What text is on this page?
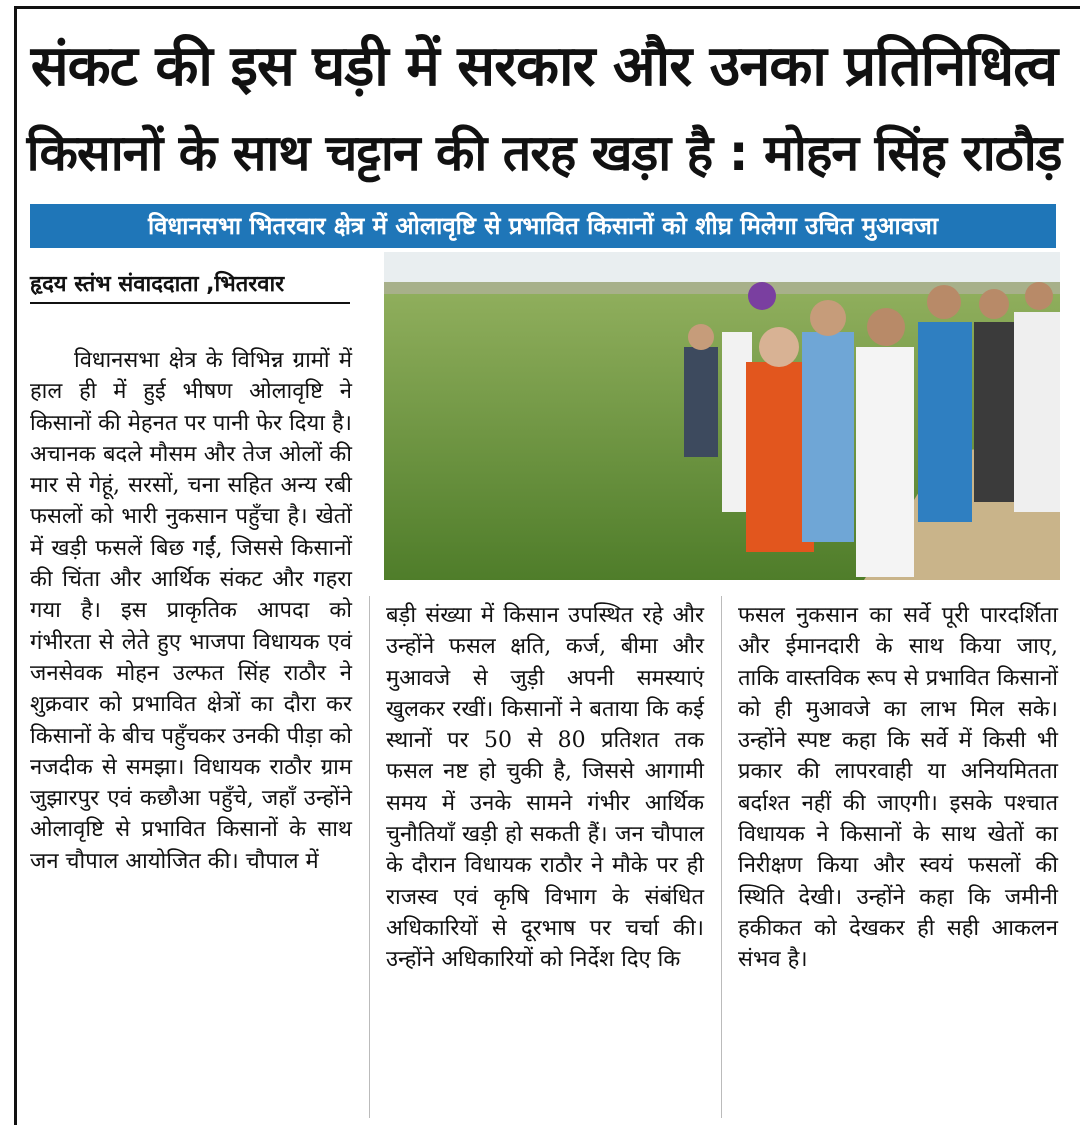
संकट की इस घड़ी में सरकार और उनका प्रतिनिधित्व
किसानों के साथ चट्टान की तरह खड़ा है : मोहन सिंह राठौड़
विधानसभा भितरवार क्षेत्र में ओलावृष्टि से प्रभावित किसानों को शीघ्र मिलेगा उचित मुआवजा
हृदय स्तंभ संवाददाता ,भितरवार

विधानसभा क्षेत्र के विभिन्न ग्रामों में हाल ही में हुई भीषण ओलावृष्टि ने किसानों की मेहनत पर पानी फेर दिया है। अचानक बदले मौसम और तेज ओलों की मार से गेहूं, सरसों, चना सहित अन्य रबी फसलों को भारी नुकसान पहुँचा है। खेतों में खड़ी फसलें बिछ गईं, जिससे किसानों की चिंता और आर्थिक संकट और गहरा गया है। इस प्राकृतिक आपदा को गंभीरता से लेते हुए भाजपा विधायक एवं जनसेवक मोहन उल्फत सिंह राठौर ने शुक्रवार को प्रभावित क्षेत्रों का दौरा कर किसानों के बीच पहुँचकर उनकी पीड़ा को नजदीक से समझा। विधायक राठौर ग्राम जुझारपुर एवं कछौआ पहुँचे, जहाँ उन्होंने ओलावृष्टि से प्रभावित किसानों के साथ जन चौपाल आयोजित की। चौपाल में

बड़ी संख्या में किसान उपस्थित रहे और उन्होंने फसल क्षति, कर्ज, बीमा और मुआवजे से जुड़ी अपनी समस्याएं खुलकर रखीं। किसानों ने बताया कि कई स्थानों पर 50 से 80 प्रतिशत तक फसल नष्ट हो चुकी है, जिससे आगामी समय में उनके सामने गंभीर आर्थिक चुनौतियाँ खड़ी हो सकती हैं। जन चौपाल के दौरान विधायक राठौर ने मौके पर ही राजस्व एवं कृषि विभाग के संबंधित अधिकारियों से दूरभाष पर चर्चा की। उन्होंने अधिकारियों को निर्देश दिए कि

फसल नुकसान का सर्वे पूरी पारदर्शिता और ईमानदारी के साथ किया जाए, ताकि वास्तविक रूप से प्रभावित किसानों को ही मुआवजे का लाभ मिल सके। उन्होंने स्पष्ट कहा कि सर्वे में किसी भी प्रकार की लापरवाही या अनियमितता बर्दाश्त नहीं की जाएगी। इसके पश्चात विधायक ने किसानों के साथ खेतों का निरीक्षण किया और स्वयं फसलों की स्थिति देखी। उन्होंने कहा कि जमीनी हकीकत को देखकर ही सही आकलन संभव है।
